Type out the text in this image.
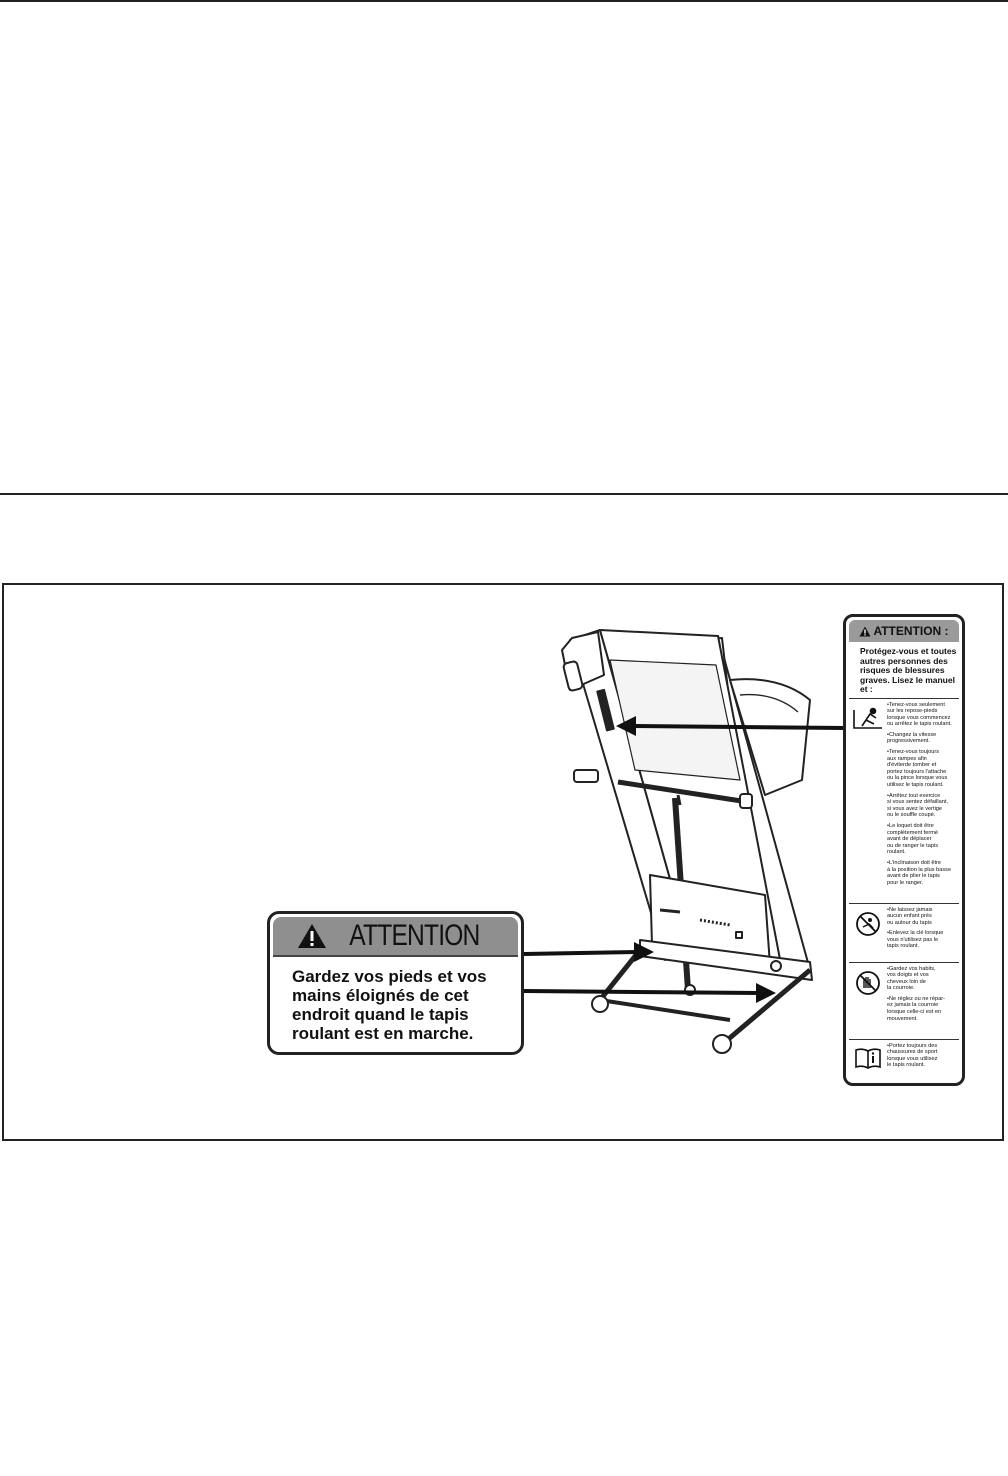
ATTENTION
Gardez vos pieds et vos
mains éloignés de cet
endroit quand le tapis
roulant est en marche.
ATTENTION :
Protégez-vous et toutes
autres personnes des
risques de blessures
graves. Lisez le manuel
et :
•Tenez-vous seulement
sur les repose-pieds
lorsque vous commencez
ou arrêtez le tapis roulant.
•Changez la vitesse
progressivement.
•Tenez-vous toujours
aux rampes afin
d'éviterde tomber et
portez toujours l'attache
ou la pince lorsque vous
utilisez le tapis roulant.
•Arrêtez tout exercice
si vous sentez défaillant,
si vous avez le vertige
ou le souffle coupé.
•Le loquet doit être
complètement fermé
avant de déplacer
ou de ranger le tapis
roulant.
•L'inclinaison doit être
à la position la plus basse
avant de plier le tapis
pour le ranger.
•Ne laissez jamais
aucun enfant près
ou autour du tapis
•Enlevez la clé lorsque
vous n'utilisez pas le
tapis roulant.
•Gardez vos habits,
vos doigts et vos
cheveux loin de
la courroie.
•Ne réglez ou ne répar-
ez jamais la courroie
lorsque celle-ci est en
mouvement.
•Portez toujours des
chaussures de sport
lorsque vous utilisez
le tapis roulant.
